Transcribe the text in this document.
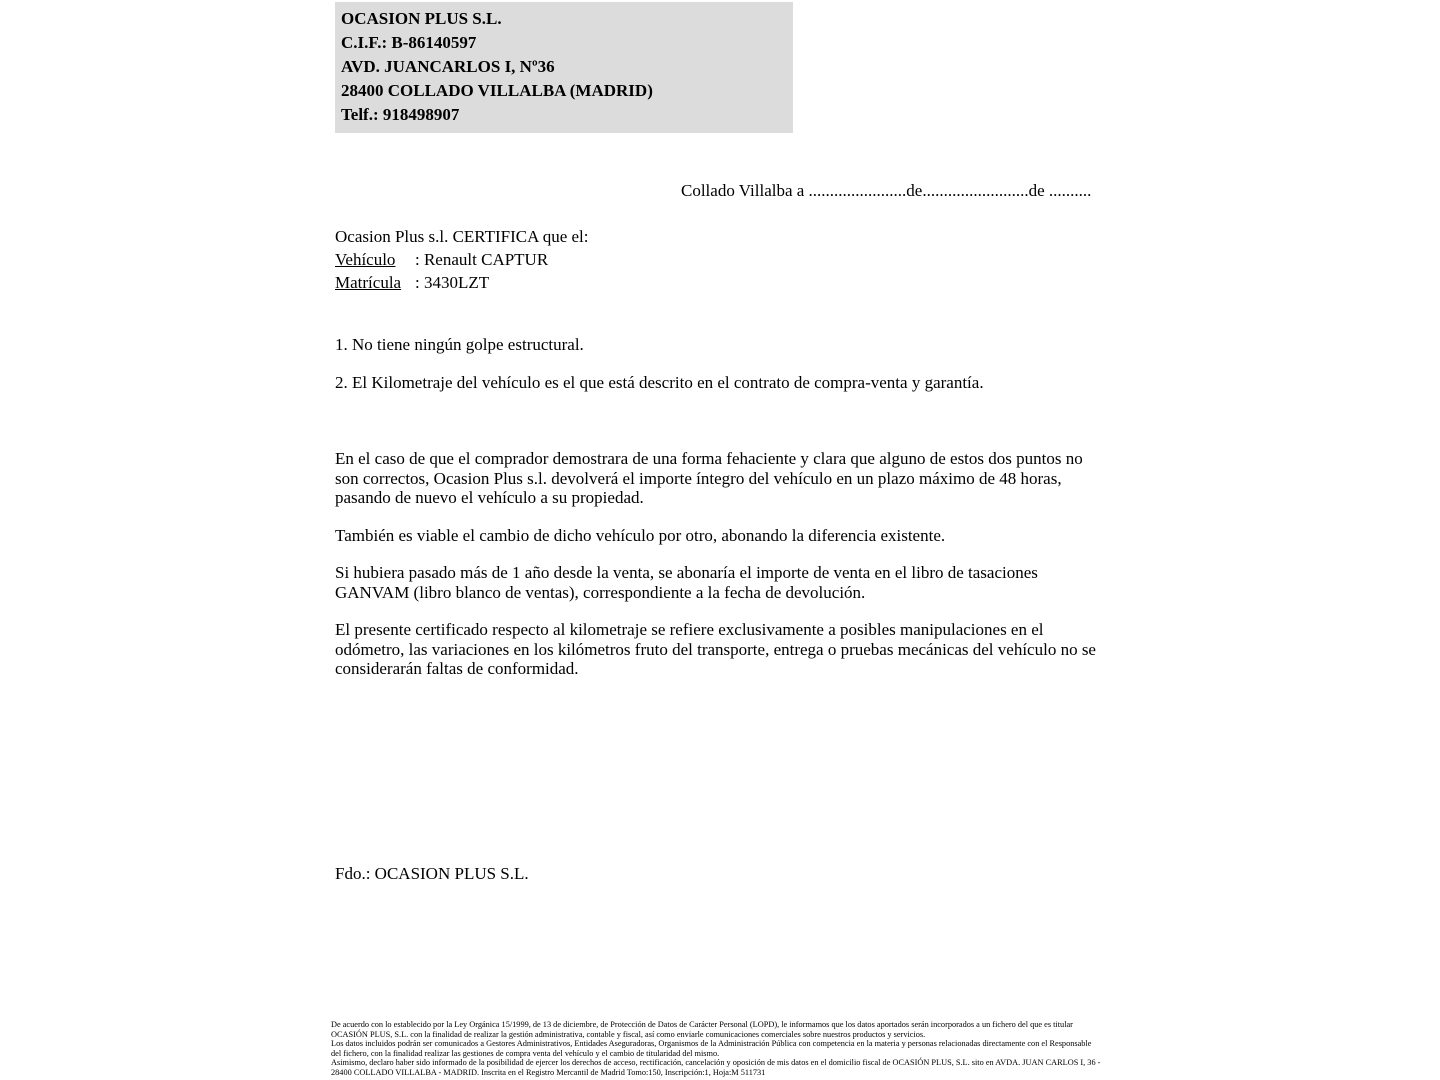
OCASION PLUS S.L.
C.I.F.: B-86140597
AVD. JUANCARLOS I, Nº36
28400 COLLADO VILLALBA (MADRID)
Telf.: 918498907
Collado Villalba a .......................de.........................de ..........
Ocasion Plus s.l. CERTIFICA que el:
Vehículo : Renault CAPTUR
Matrícula : 3430LZT
1. No tiene ningún golpe estructural.
2. El Kilometraje del vehículo es el que está descrito en el contrato de compra-venta y garantía.

En el caso de que el comprador demostrara de una forma fehaciente y clara que alguno de estos dos puntos no son correctos, Ocasion Plus s.l. devolverá el importe íntegro del vehículo en un plazo máximo de 48 horas, pasando de nuevo el vehículo a su propiedad.

También es viable el cambio de dicho vehículo por otro, abonando la diferencia existente.

Si hubiera pasado más de 1 año desde la venta, se abonaría el importe de venta en el libro de tasaciones GANVAM (libro blanco de ventas), correspondiente a la fecha de devolución.

El presente certificado respecto al kilometraje se refiere exclusivamente a posibles manipulaciones en el odómetro, las variaciones en los kilómetros fruto del transporte, entrega o pruebas mecánicas del vehículo no se considerarán faltas de conformidad.

Fdo.: OCASION PLUS S.L.

De acuerdo con lo establecido por la Ley Orgánica 15/1999, de 13 de diciembre, de Protección de Datos de Carácter Personal (LOPD), le informamos que los datos aportados serán incorporados a un fichero del que es titular OCASIÓN PLUS, S.L. con la finalidad de realizar la gestión administrativa, contable y fiscal, así como enviarle comunicaciones comerciales sobre nuestros productos y servicios.

Los datos incluidos podrán ser comunicados a Gestores Administrativos, Entidades Aseguradoras, Organismos de la Administración Pública con competencia en la materia y personas relacionadas directamente con el Responsable del fichero, con la finalidad realizar las gestiones de compra venta del vehículo y el cambio de titularidad del mismo.

Asimismo, declaro haber sido informado de la posibilidad de ejercer los derechos de acceso, rectificación, cancelación y oposición de mis datos en el domicilio fiscal de OCASIÓN PLUS, S.L. sito en AVDA. JUAN CARLOS I, 36 - 28400 COLLADO VILLALBA - MADRID. Inscrita en el Registro Mercantil de Madrid Tomo:150, Inscripción:1, Hoja:M 511731
